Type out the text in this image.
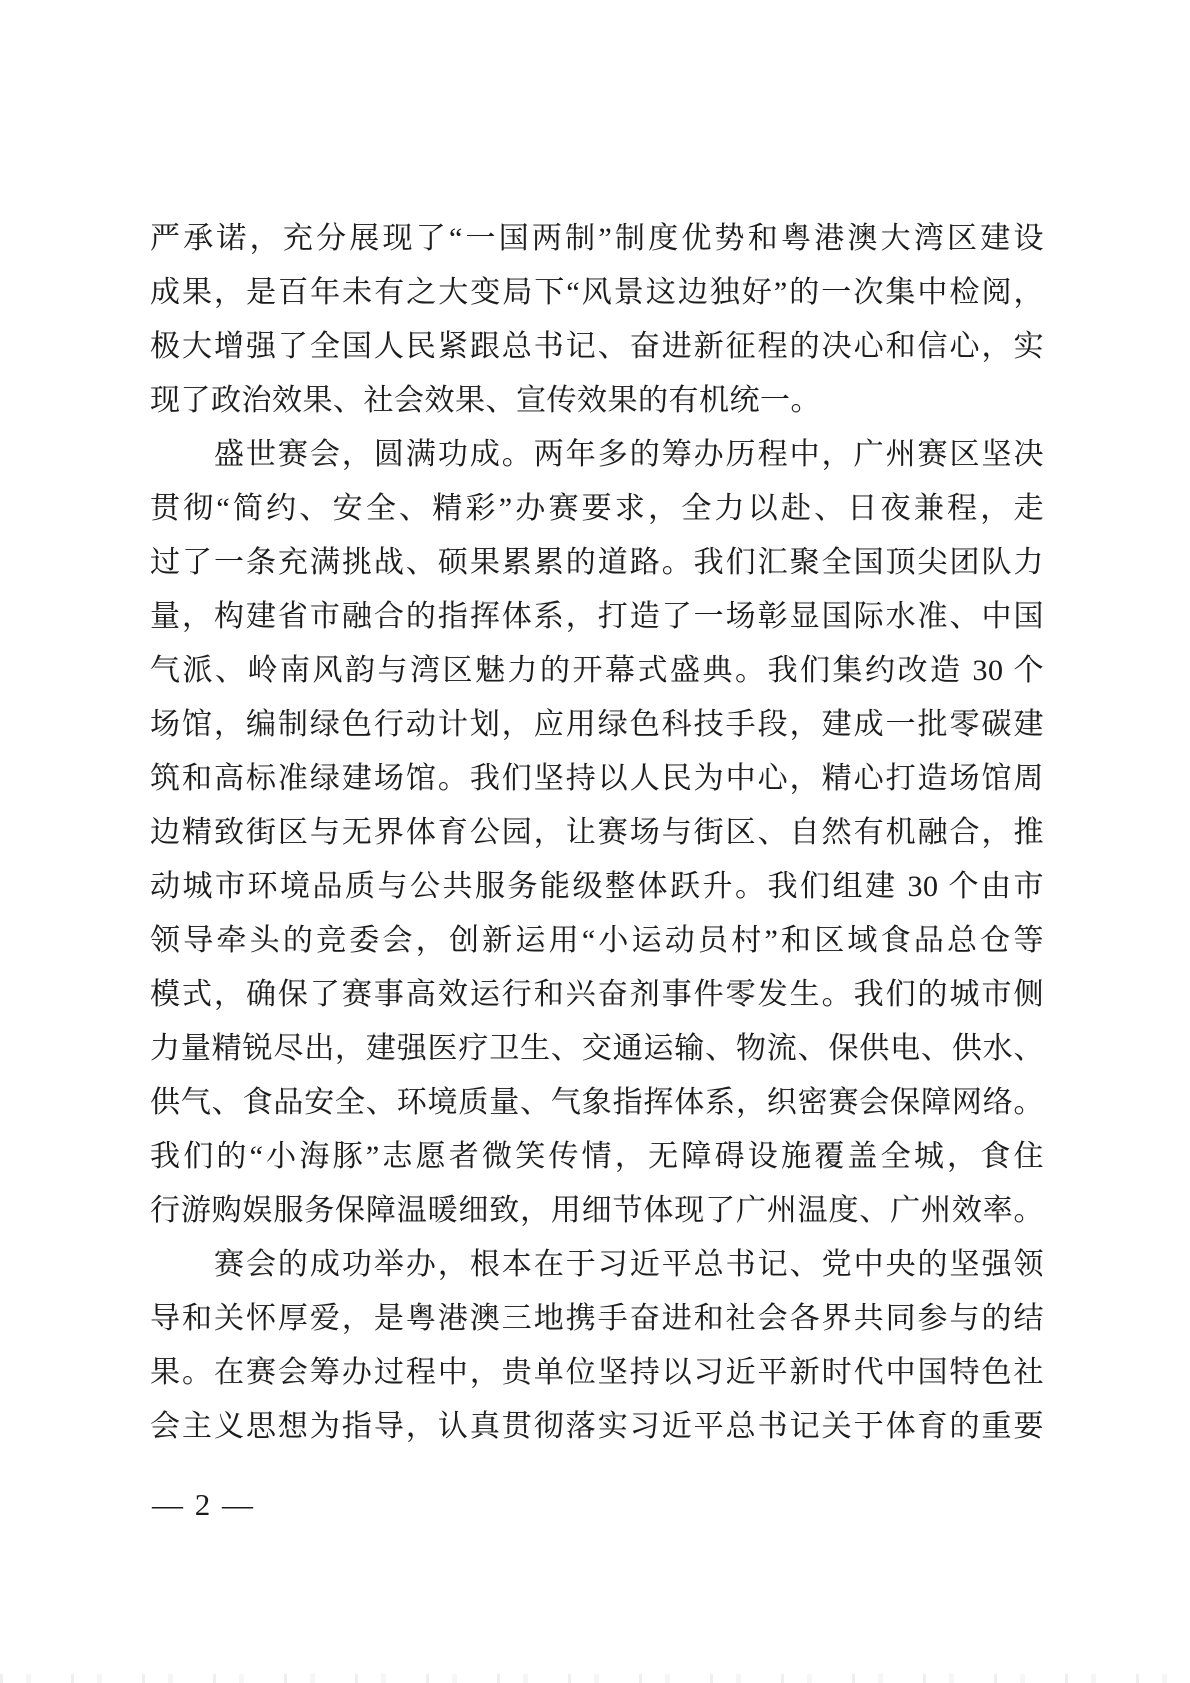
严承诺，充分展现了“一国两制”制度优势和粤港澳大湾区建设
成果，是百年未有之大变局下“风景这边独好”的一次集中检阅，
极大增强了全国人民紧跟总书记、奋进新征程的决心和信心，实
现了政治效果、社会效果、宣传效果的有机统一。
　　盛世赛会，圆满功成。两年多的筹办历程中，广州赛区坚决
贯彻“简约、安全、精彩”办赛要求，全力以赴、日夜兼程，走
过了一条充满挑战、硕果累累的道路。我们汇聚全国顶尖团队力
量，构建省市融合的指挥体系，打造了一场彰显国际水准、中国
气派、岭南风韵与湾区魅力的开幕式盛典。我们集约改造 30 个
场馆，编制绿色行动计划，应用绿色科技手段，建成一批零碳建
筑和高标准绿建场馆。我们坚持以人民为中心，精心打造场馆周
边精致街区与无界体育公园，让赛场与街区、自然有机融合，推
动城市环境品质与公共服务能级整体跃升。我们组建 30 个由市
领导牵头的竞委会，创新运用“小运动员村”和区域食品总仓等
模式，确保了赛事高效运行和兴奋剂事件零发生。我们的城市侧
力量精锐尽出，建强医疗卫生、交通运输、物流、保供电、供水、
供气、食品安全、环境质量、气象指挥体系，织密赛会保障网络。
我们的“小海豚”志愿者微笑传情，无障碍设施覆盖全城，食住
行游购娱服务保障温暖细致，用细节体现了广州温度、广州效率。
　　赛会的成功举办，根本在于习近平总书记、党中央的坚强领
导和关怀厚爱，是粤港澳三地携手奋进和社会各界共同参与的结
果。在赛会筹办过程中，贵单位坚持以习近平新时代中国特色社
会主义思想为指导，认真贯彻落实习近平总书记关于体育的重要
— 2 —
